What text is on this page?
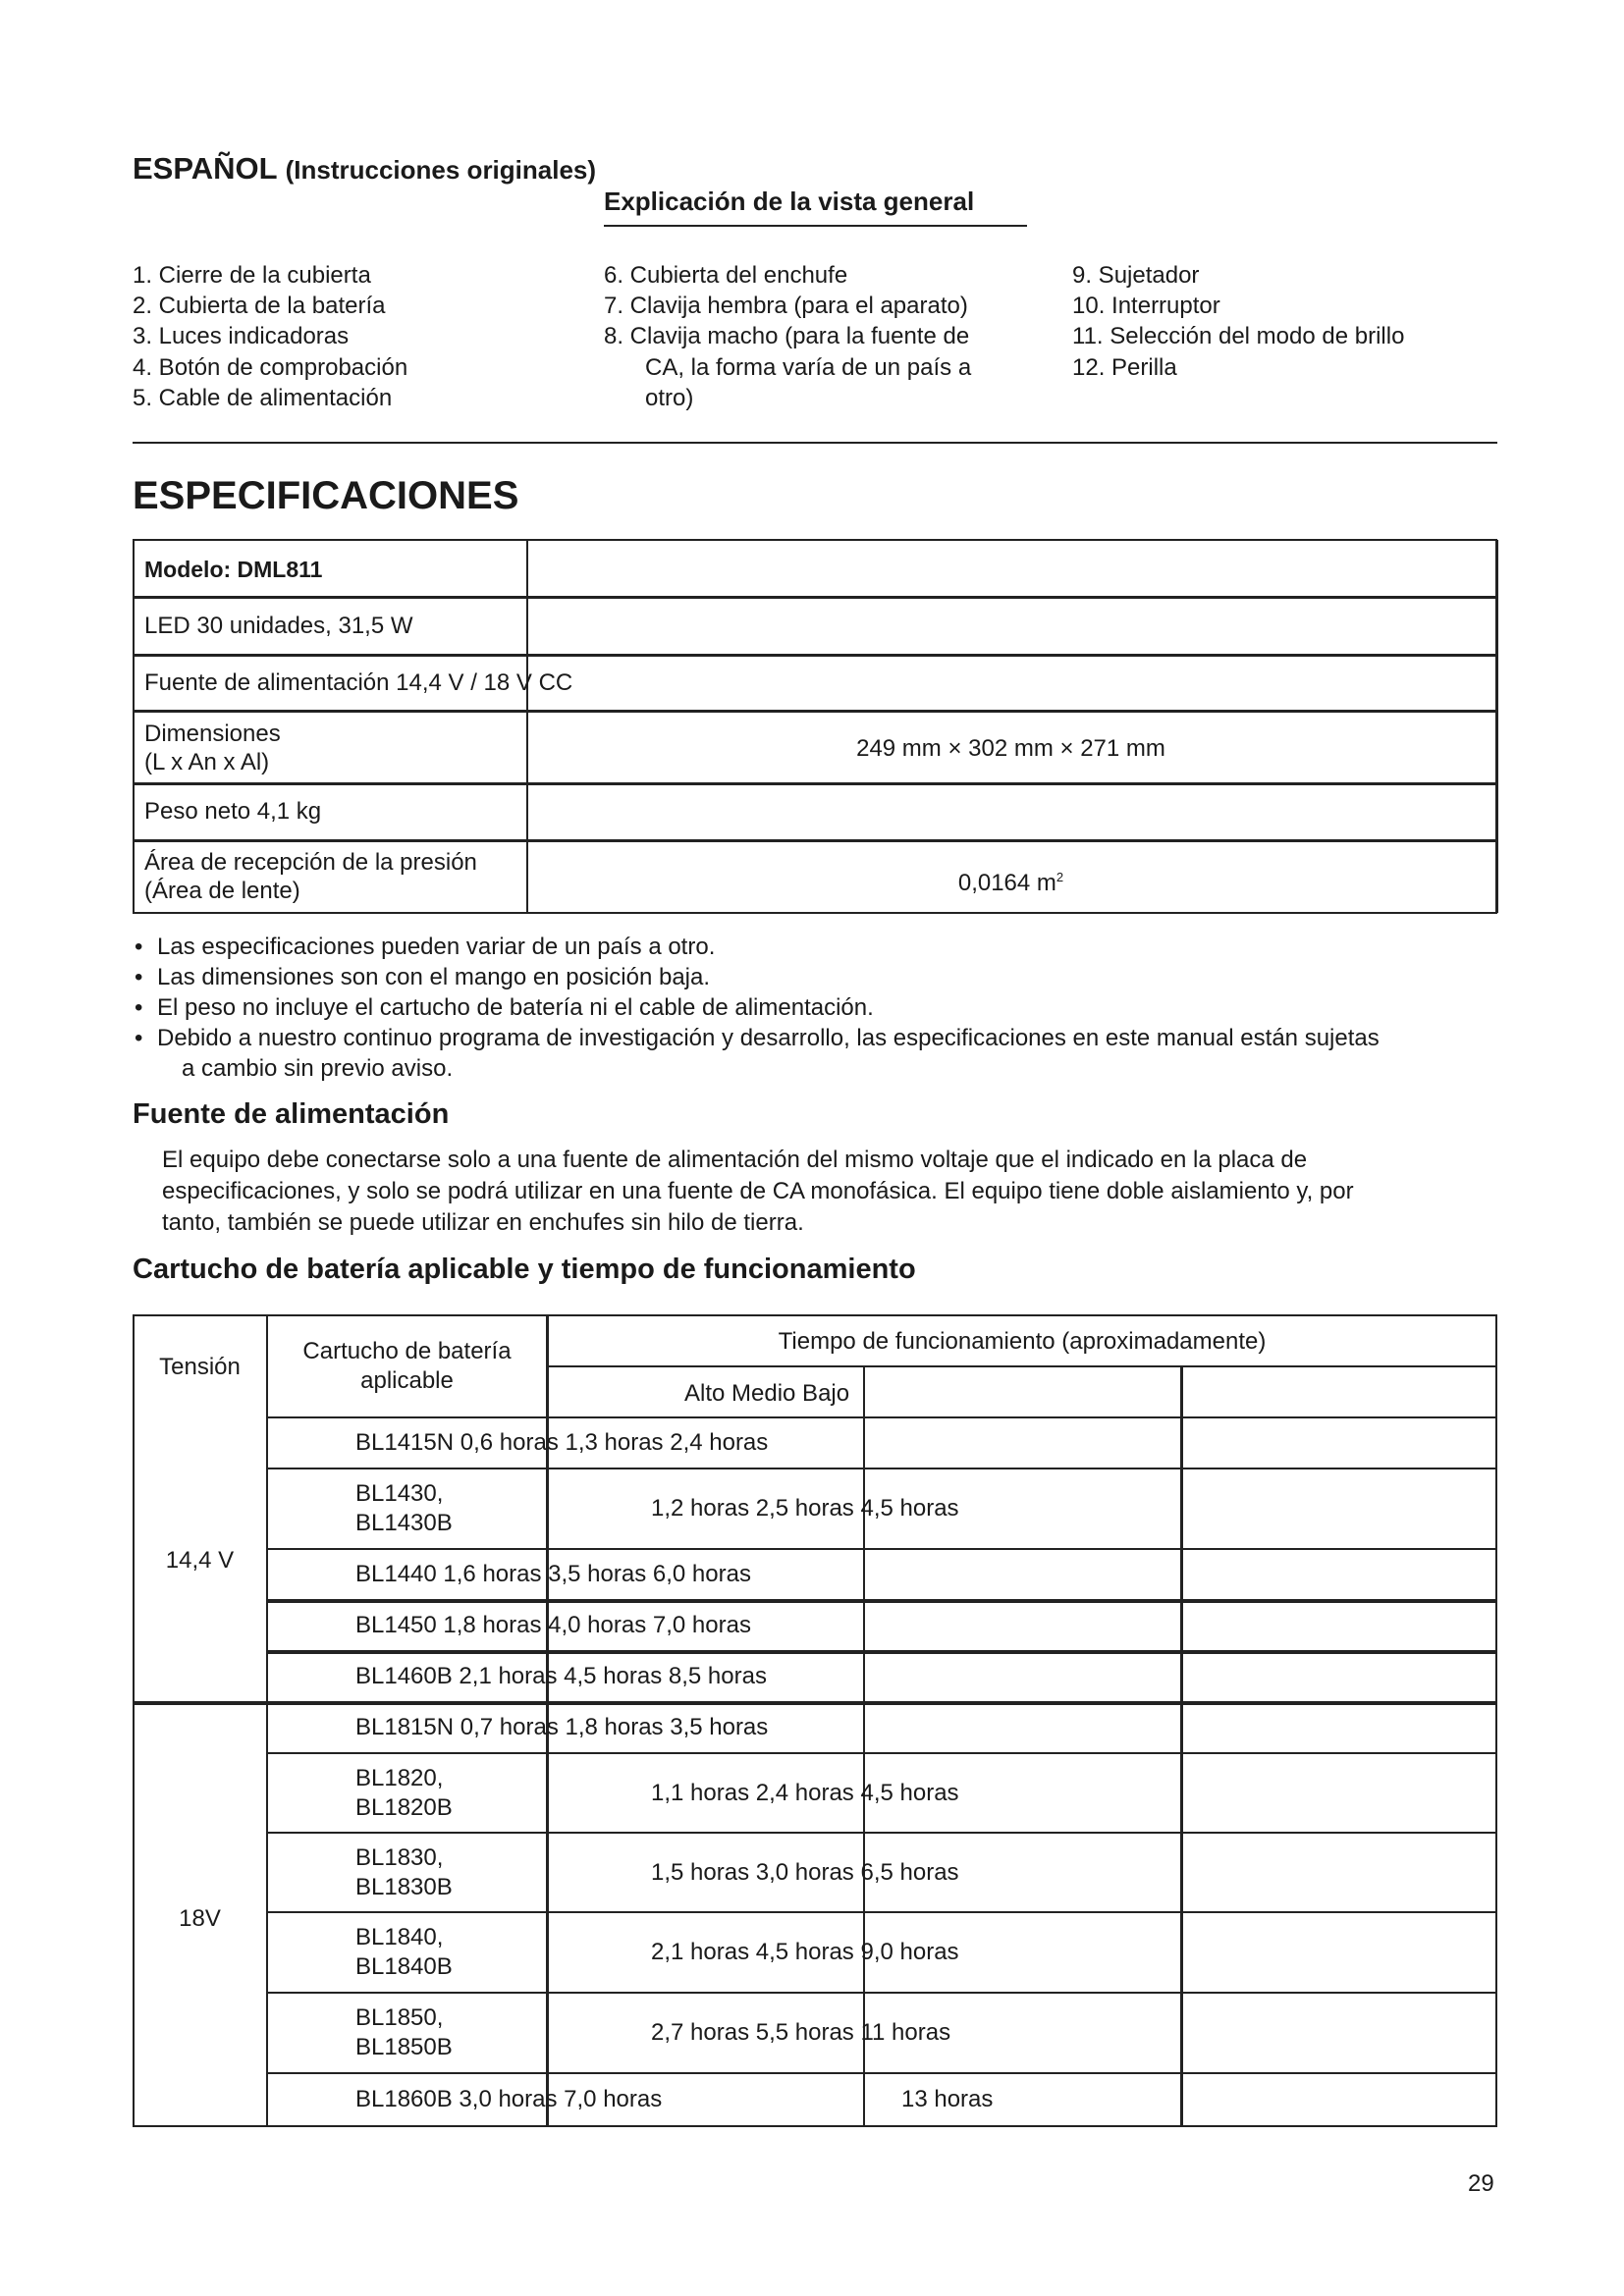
ESPAÑOL (Instrucciones originales)
Explicación de la vista general
ESPECIFICACIONES
Fuente de alimentación
Cartucho de batería aplicable y tiempo de funcionamiento
29
1. Cierre de la cubierta
2. Cubierta de la batería
3. Luces indicadoras
4. Botón de comprobación
5. Cable de alimentación
6. Cubierta del enchufe
7. Clavija hembra (para el aparato)
8. Clavija macho (para la fuente de
CA, la forma varía de un país a
otro)
9. Sujetador
10. Interruptor
11. Selección del modo de brillo
12. Perilla
Modelo: DML811
LED 30 unidades, 31,5 W
Fuente de alimentación 14,4 V / 18 V CC
Dimensiones
(L x An x Al)
249 mm × 302 mm × 271 mm
Peso neto 4,1 kg
Área de recepción de la presión
(Área de lente)	0,0164 $m^2$
• Las especificaciones pueden variar de un país a otro.
• Las dimensiones son con el mango en posición baja.
• El peso no incluye el cartucho de batería ni el cable de alimentación.
• Debido a nuestro continuo programa de investigación y desarrollo, las especificaciones en este manual están sujetas
a cambio sin previo aviso.
El equipo debe conectarse solo a una fuente de alimentación del mismo voltaje que el indicado en la placa de
especificaciones, y solo se podrá utilizar en una fuente de CA monofásica. El equipo tiene doble aislamiento y, por
tanto, también se puede utilizar en enchufes sin hilo de tierra.
Tensión
Cartucho de batería
aplicable
Tiempo de funcionamiento (aproximadamente)
Alto Medio Bajo
14,4 V
18V
BL1415N 0,6 horas 1,3 horas 2,4 horas
BL1430,
BL1430B
1,2 horas 2,5 horas 4,5 horas
BL1440 1,6 horas 3,5 horas 6,0 horas
BL1450 1,8 horas 4,0 horas 7,0 horas
BL1460B 2,1 horas 4,5 horas 8,5 horas
BL1815N 0,7 horas 1,8 horas 3,5 horas
BL1820,
BL1820B
1,1 horas 2,4 horas 4,5 horas
BL1830,
BL1830B
1,5 horas 3,0 horas 6,5 horas
BL1840,
BL1840B
2,1 horas 4,5 horas 9,0 horas
BL1850,
BL1850B
2,7 horas 5,5 horas 11 horas
BL1860B 3,0 horas 7,0 horas	13 horas
